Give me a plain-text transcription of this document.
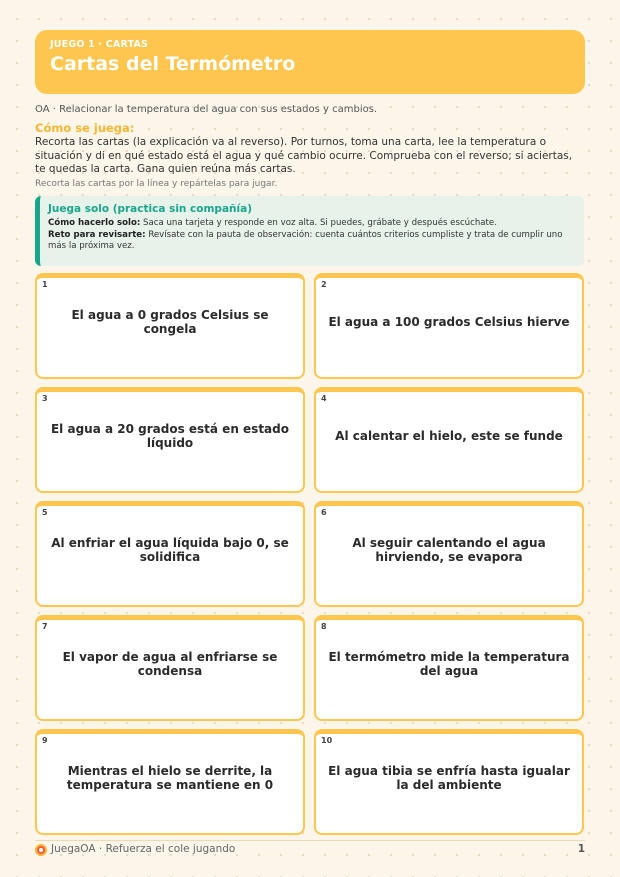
JUEGO 1 · CARTAS
Cartas del Termómetro
OA · Relacionar la temperatura del agua con sus estados y cambios.
Cómo se juega:
Recorta las cartas (la explicación va al reverso). Por turnos, toma una carta, lee la temperatura o situación y di en qué estado está el agua y qué cambio ocurre. Comprueba con el reverso; si aciertas, te quedas la carta. Gana quien reúna más cartas.
Recorta las cartas por la línea y repártelas para jugar.
Juega solo (practica sin compañía)
Cómo hacerlo solo: Saca una tarjeta y responde en voz alta. Si puedes, grábate y después escúchate.
Reto para revisarte: Revísate con la pauta de observación: cuenta cuántos criterios cumpliste y trata de cumplir uno más la próxima vez.
1
El agua a 0 grados Celsius se congela
2
El agua a 100 grados Celsius hierve
3
El agua a 20 grados está en estado líquido
4
Al calentar el hielo, este se funde
5
Al enfriar el agua líquida bajo 0, se solidifica
6
Al seguir calentando el agua hirviendo, se evapora
7
El vapor de agua al enfriarse se condensa
8
El termómetro mide la temperatura del agua
9
Mientras el hielo se derrite, la temperatura se mantiene en 0
10
El agua tibia se enfría hasta igualar la del ambiente
JuegaOA · Refuerza el cole jugando	1
